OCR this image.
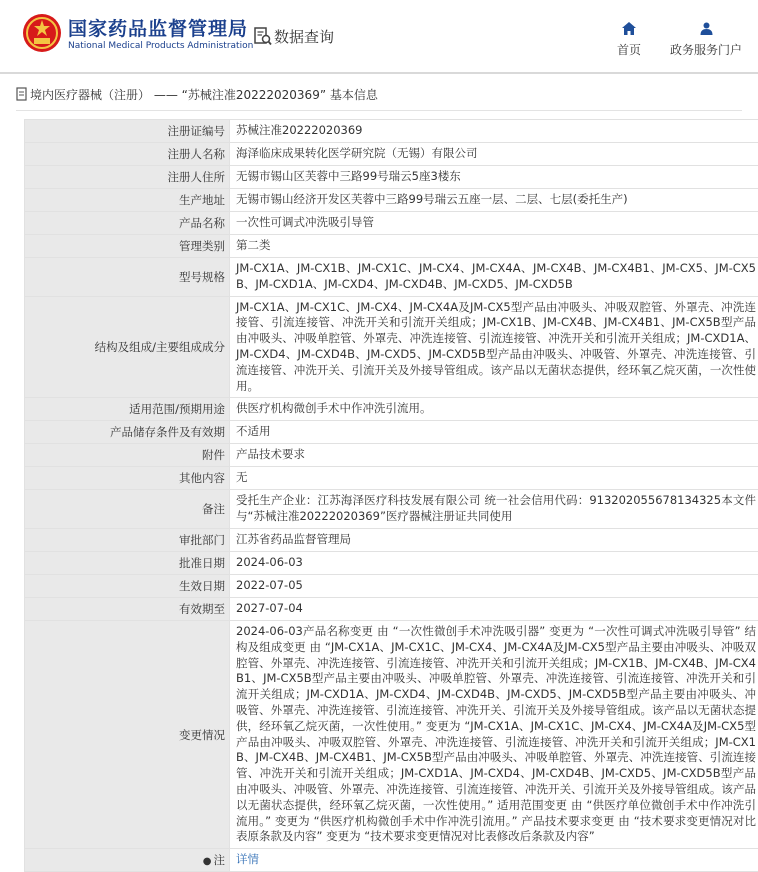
国家药品监督管理局
National Medical Products Administration 数据查询
首页	政务服务门户
境内医疗器械（注册） —— “苏械注准20222020369” 基本信息
注册证编号	苏械注准20222020369
注册人名称	海泽临床成果转化医学研究院（无锡）有限公司
注册人住所	无锡市锡山区芙蓉中三路99号瑞云5座3楼东
生产地址	无锡市锡山经济开发区芙蓉中三路99号瑞云五座一层、二层、七层(委托生产)
产品名称	一次性可调式冲洗吸引导管
管理类别	第二类
型号规格	JM-CX1A、JM-CX1B、JM-CX1C、JM-CX4、JM-CX4A、JM-CX4B、JM-CX4B1、JM-CX5、JM-CX5B、JM-CXD1A、JM-CXD4、JM-CXD4B、JM-CXD5、JM-CXD5B
结构及组成/主要组成成分	JM-CX1A、JM-CX1C、JM-CX4、JM-CX4A及JM-CX5型产品由冲吸头、冲吸双腔管、外罩壳、冲洗连接管、引流连接管、冲洗开关和引流开关组成；JM-CX1B、JM-CX4B、JM-CX4B1、JM-CX5B型产品由冲吸头、冲吸单腔管、外罩壳、冲洗连接管、引流连接管、冲洗开关和引流开关组成；JM-CXD1A、JM-CXD4、JM-CXD4B、JM-CXD5、JM-CXD5B型产品由冲吸头、冲吸管、外罩壳、冲洗连接管、引流连接管、冲洗开关、引流开关及外接导管组成。该产品以无菌状态提供，经环氧乙烷灭菌，一次性使用。
适用范围/预期用途	供医疗机构微创手术中作冲洗引流用。
产品储存条件及有效期	不适用
附件	产品技术要求
其他内容	无
备注	受托生产企业：江苏海泽医疗科技发展有限公司 统一社会信用代码：913202055678134325本文件与“苏械注准20222020369”医疗器械注册证共同使用
审批部门	江苏省药品监督管理局
批准日期	2024-06-03
生效日期	2022-07-05
有效期至	2027-07-04
变更情况	2024-06-03产品名称变更 由 “一次性微创手术冲洗吸引器” 变更为 “一次性可调式冲洗吸引导管” 结构及组成变更 由 “JM-CX1A、JM-CX1C、JM-CX4、JM-CX4A及JM-CX5型产品主要由冲吸头、冲吸双腔管、外罩壳、冲洗连接管、引流连接管、冲洗开关和引流开关组成；JM-CX1B、JM-CX4B、JM-CX4B1、JM-CX5B型产品主要由冲吸头、冲吸单腔管、外罩壳、冲洗连接管、引流连接管、冲洗开关和引流开关组成；JM-CXD1A、JM-CXD4、JM-CXD4B、JM-CXD5、JM-CXD5B型产品主要由冲吸头、冲吸管、外罩壳、冲洗连接管、引流连接管、冲洗开关、引流开关及外接导管组成。该产品以无菌状态提供，经环氧乙烷灭菌，一次性使用。” 变更为 “JM-CX1A、JM-CX1C、JM-CX4、JM-CX4A及JM-CX5型产品由冲吸头、冲吸双腔管、外罩壳、冲洗连接管、引流连接管、冲洗开关和引流开关组成；JM-CX1B、JM-CX4B、JM-CX4B1、JM-CX5B型产品由冲吸头、冲吸单腔管、外罩壳、冲洗连接管、引流连接管、冲洗开关和引流开关组成；JM-CXD1A、JM-CXD4、JM-CXD4B、JM-CXD5、JM-CXD5B型产品由冲吸头、冲吸管、外罩壳、冲洗连接管、引流连接管、冲洗开关、引流开关及外接导管组成。该产品以无菌状态提供，经环氧乙烷灭菌，一次性使用。” 适用范围变更 由 “供医疗单位微创手术中作冲洗引流用。” 变更为 “供医疗机构微创手术中作冲洗引流用。” 产品技术要求变更 由 “技术要求变更情况对比表原条款及内容” 变更为 “技术要求变更情况对比表修改后条款及内容”
● 注	详情
